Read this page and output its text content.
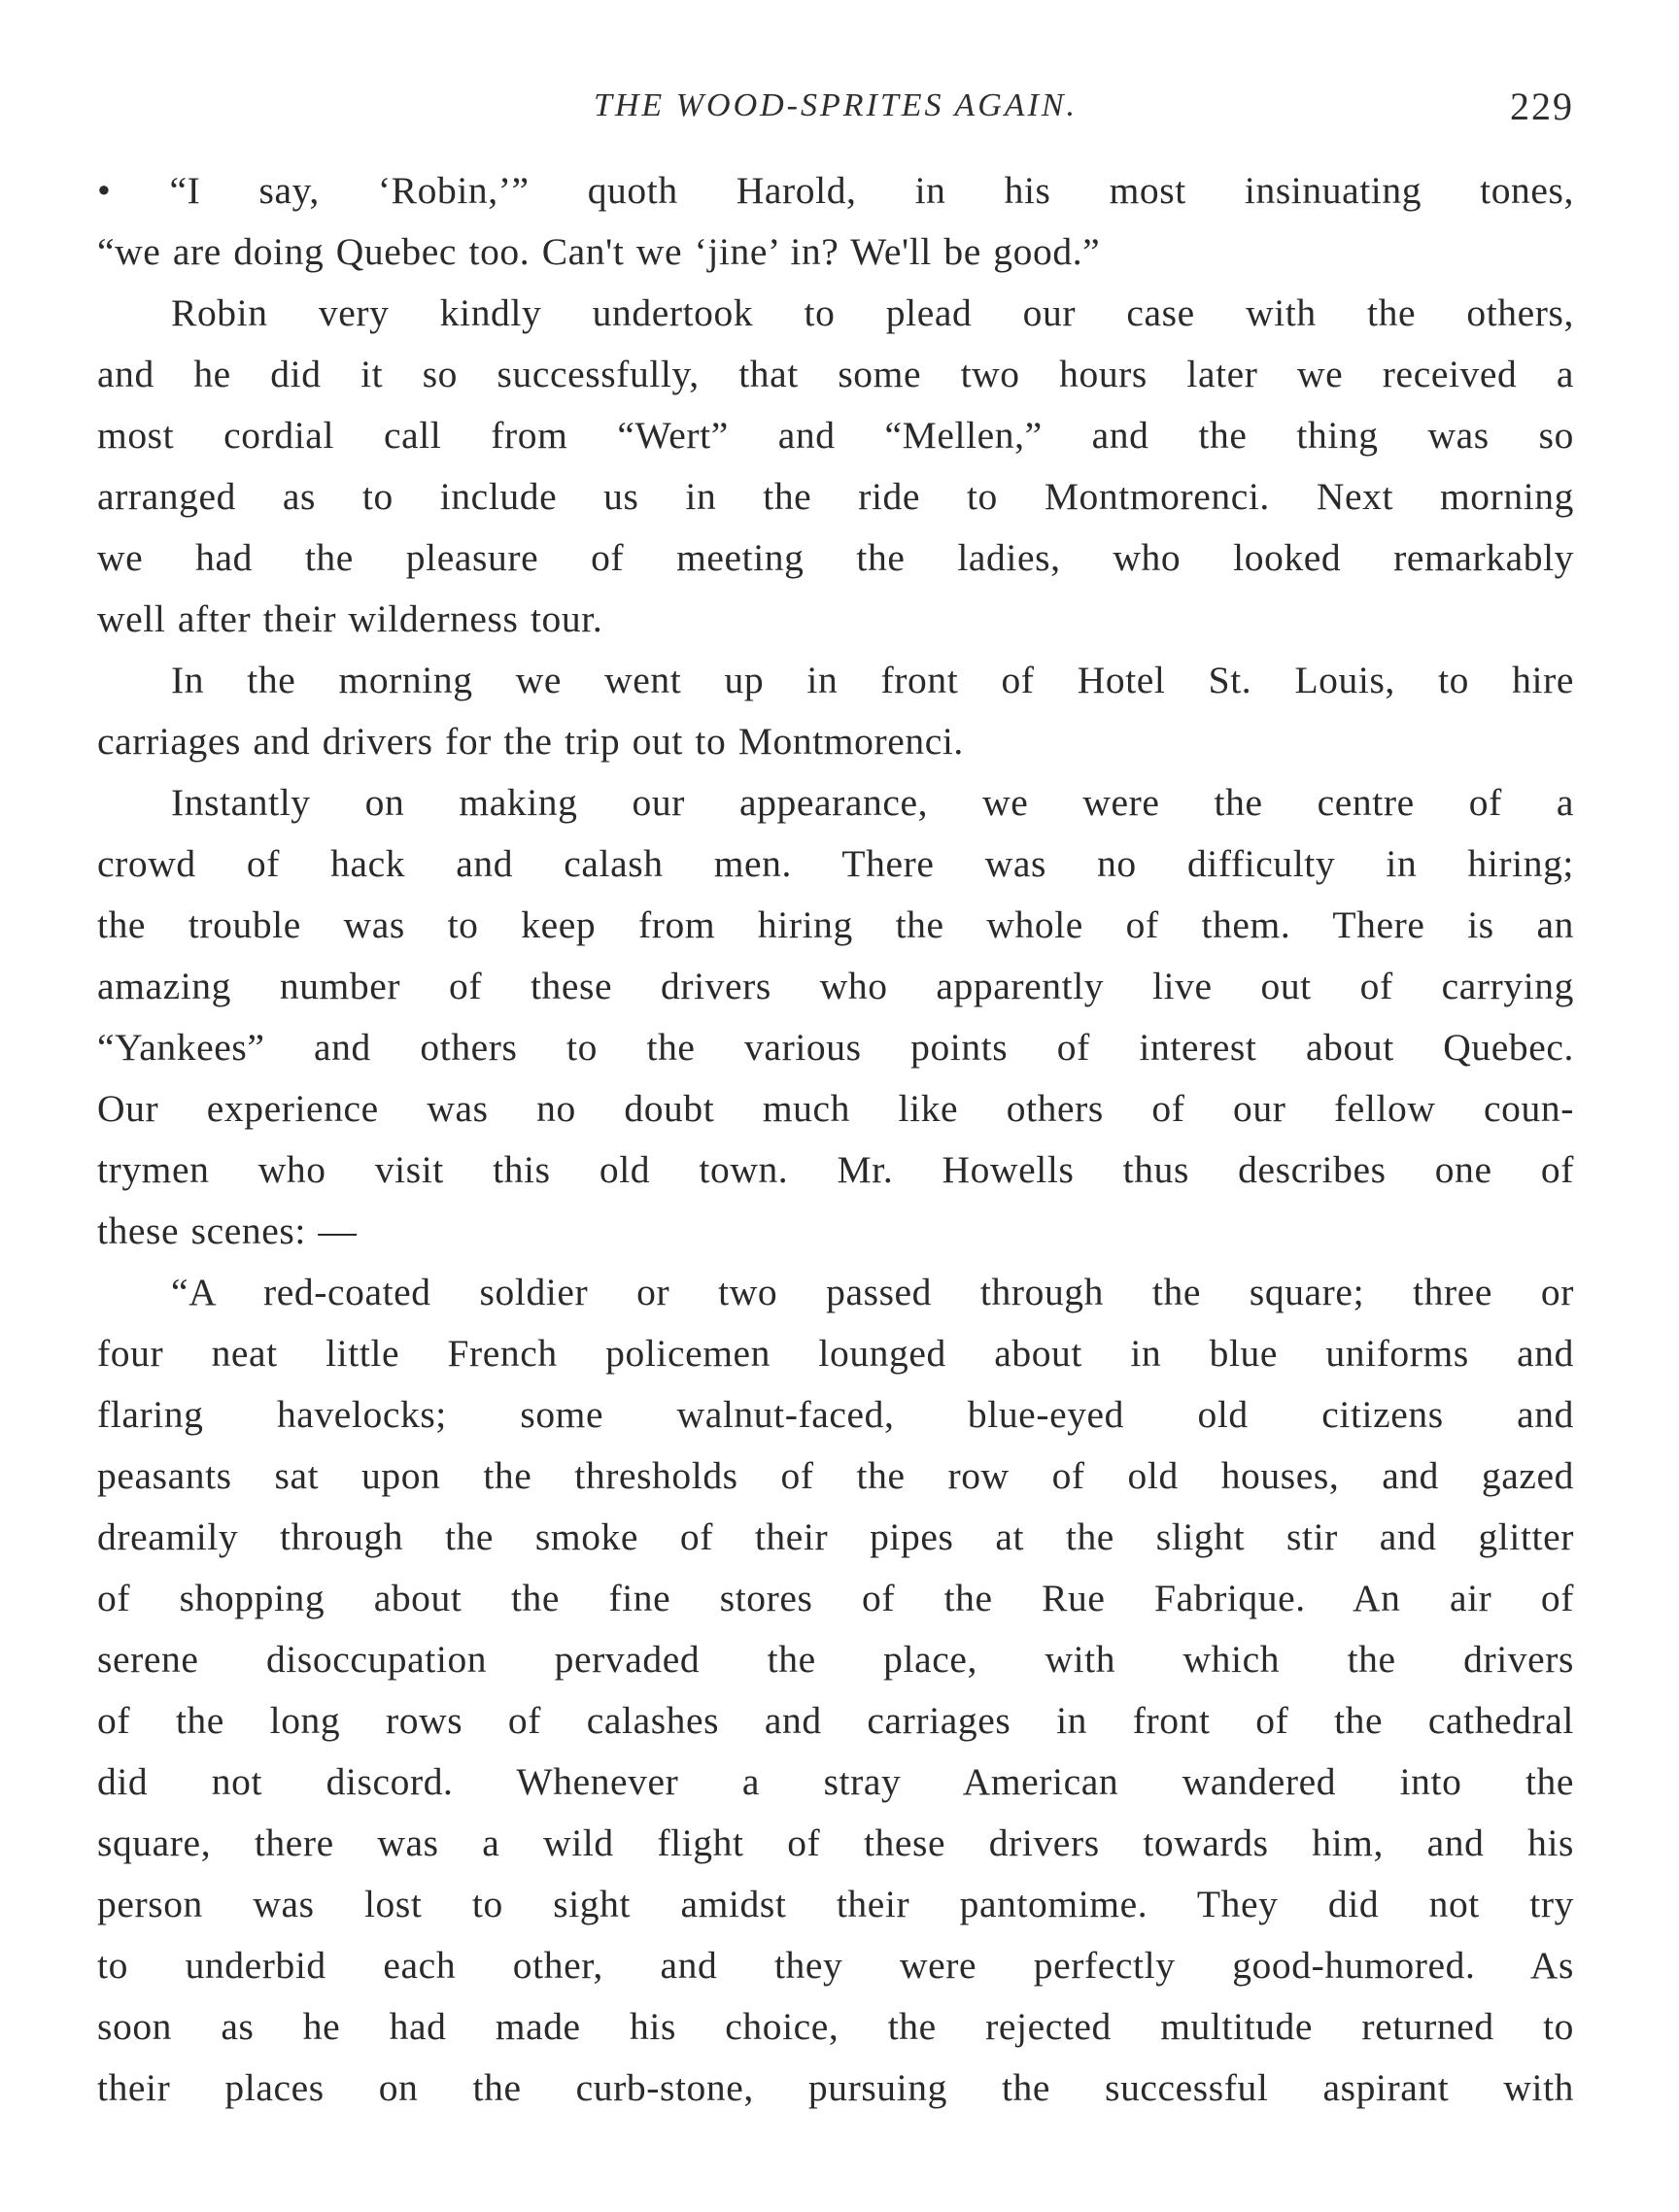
THE WOOD-SPRITES AGAIN.	229
• “I say, ‘Robin,’” quoth Harold, in his most insinuating tones,
“we are doing Quebec too. Can't we ‘jine’ in? We'll be good.”
Robin very kindly undertook to plead our case with the others,
and he did it so successfully, that some two hours later we received a
most cordial call from “Wert” and “Mellen,” and the thing was so
arranged as to include us in the ride to Montmorenci. Next morning
we had the pleasure of meeting the ladies, who looked remarkably
well after their wilderness tour.
In the morning we went up in front of Hotel St. Louis, to hire
carriages and drivers for the trip out to Montmorenci.
Instantly on making our appearance, we were the centre of a
crowd of hack and calash men. There was no difficulty in hiring;
the trouble was to keep from hiring the whole of them. There is an
amazing number of these drivers who apparently live out of carrying
“Yankees” and others to the various points of interest about Quebec.
Our experience was no doubt much like others of our fellow coun-
trymen who visit this old town. Mr. Howells thus describes one of
these scenes: —
“A red-coated soldier or two passed through the square; three or
four neat little French policemen lounged about in blue uniforms and
flaring havelocks; some walnut-faced, blue-eyed old citizens and
peasants sat upon the thresholds of the row of old houses, and gazed
dreamily through the smoke of their pipes at the slight stir and glitter
of shopping about the fine stores of the Rue Fabrique. An air of
serene disoccupation pervaded the place, with which the drivers
of the long rows of calashes and carriages in front of the cathedral
did not discord. Whenever a stray American wandered into the
square, there was a wild flight of these drivers towards him, and his
person was lost to sight amidst their pantomime. They did not try
to underbid each other, and they were perfectly good-humored. As
soon as he had made his choice, the rejected multitude returned to
their places on the curb-stone, pursuing the successful aspirant with
